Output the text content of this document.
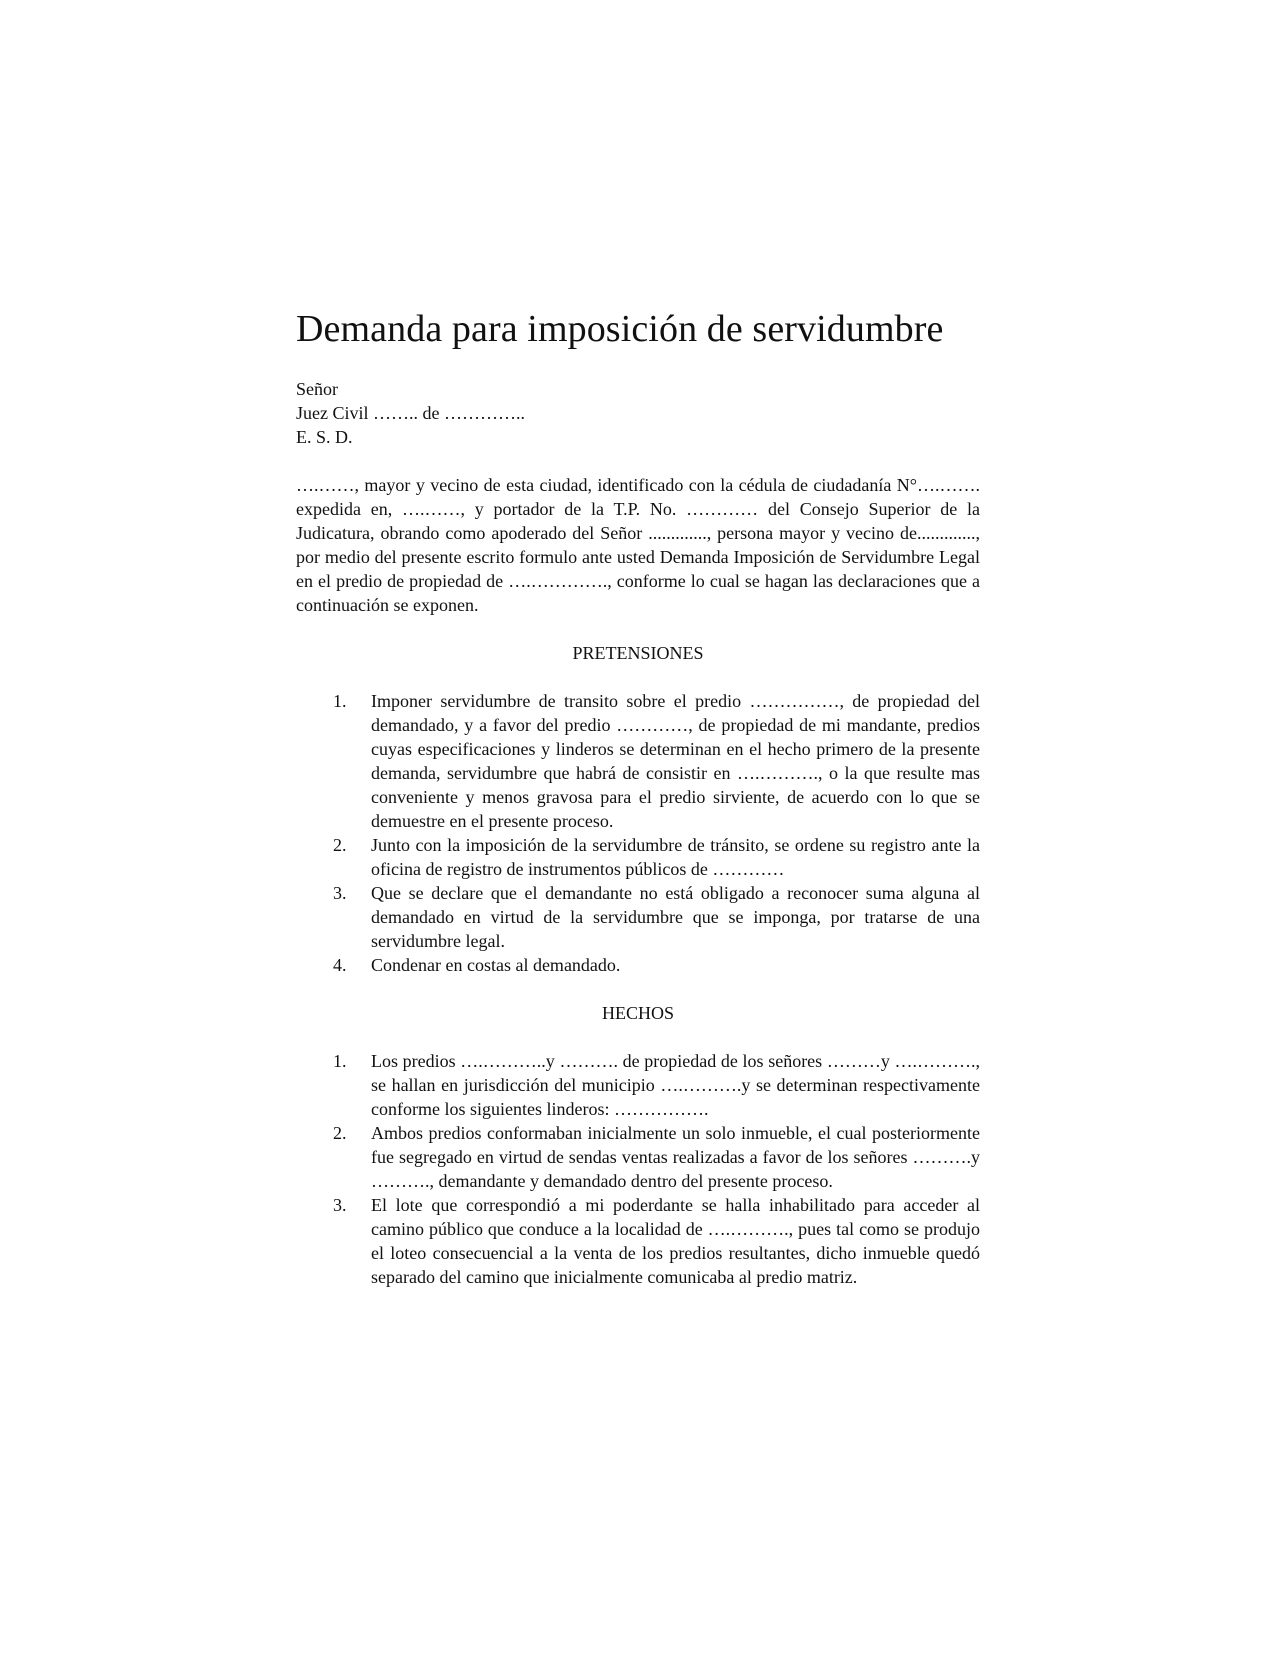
Demanda para imposición de servidumbre
Señor
Juez Civil …….. de …………..
E. S. D.
….……, mayor y vecino de esta ciudad, identificado con la cédula de ciudadanía N°….……. expedida en, ….……, y portador de la T.P. No. ………… del Consejo Superior de la Judicatura, obrando como apoderado del Señor ............., persona mayor y vecino de............., por medio del presente escrito formulo ante usted Demanda Imposición de Servidumbre Legal en el predio de propiedad de ….…………., conforme lo cual se hagan las declaraciones que a continuación se exponen.
PRETENSIONES
1. Imponer servidumbre de transito sobre el predio ……………, de propiedad del demandado, y a favor del predio …………, de propiedad de mi mandante, predios cuyas especificaciones y linderos se determinan en el hecho primero de la presente demanda, servidumbre que habrá de consistir en ….………., o la que resulte mas conveniente y menos gravosa para el predio sirviente, de acuerdo con lo que se demuestre en el presente proceso.
2. Junto con la imposición de la servidumbre de tránsito, se ordene su registro ante la oficina de registro de instrumentos públicos de …………
3. Que se declare que el demandante no está obligado a reconocer suma alguna al demandado en virtud de la servidumbre que se imponga, por tratarse de una servidumbre legal.
4. Condenar en costas al demandado.
HECHOS
1. Los predios ….………..y ………. de propiedad de los señores ………y ….………., se hallan en jurisdicción del municipio ….……….y se determinan respectivamente conforme los siguientes linderos: …………….
2. Ambos predios conformaban inicialmente un solo inmueble, el cual posteriormente fue segregado en virtud de sendas ventas realizadas a favor de los señores ……….y ………., demandante y demandado dentro del presente proceso.
3. El lote que correspondió a mi poderdante se halla inhabilitado para acceder al camino público que conduce a la localidad de ….………., pues tal como se produjo el loteo consecuencial a la venta de los predios resultantes, dicho inmueble quedó separado del camino que inicialmente comunicaba al predio matriz.
